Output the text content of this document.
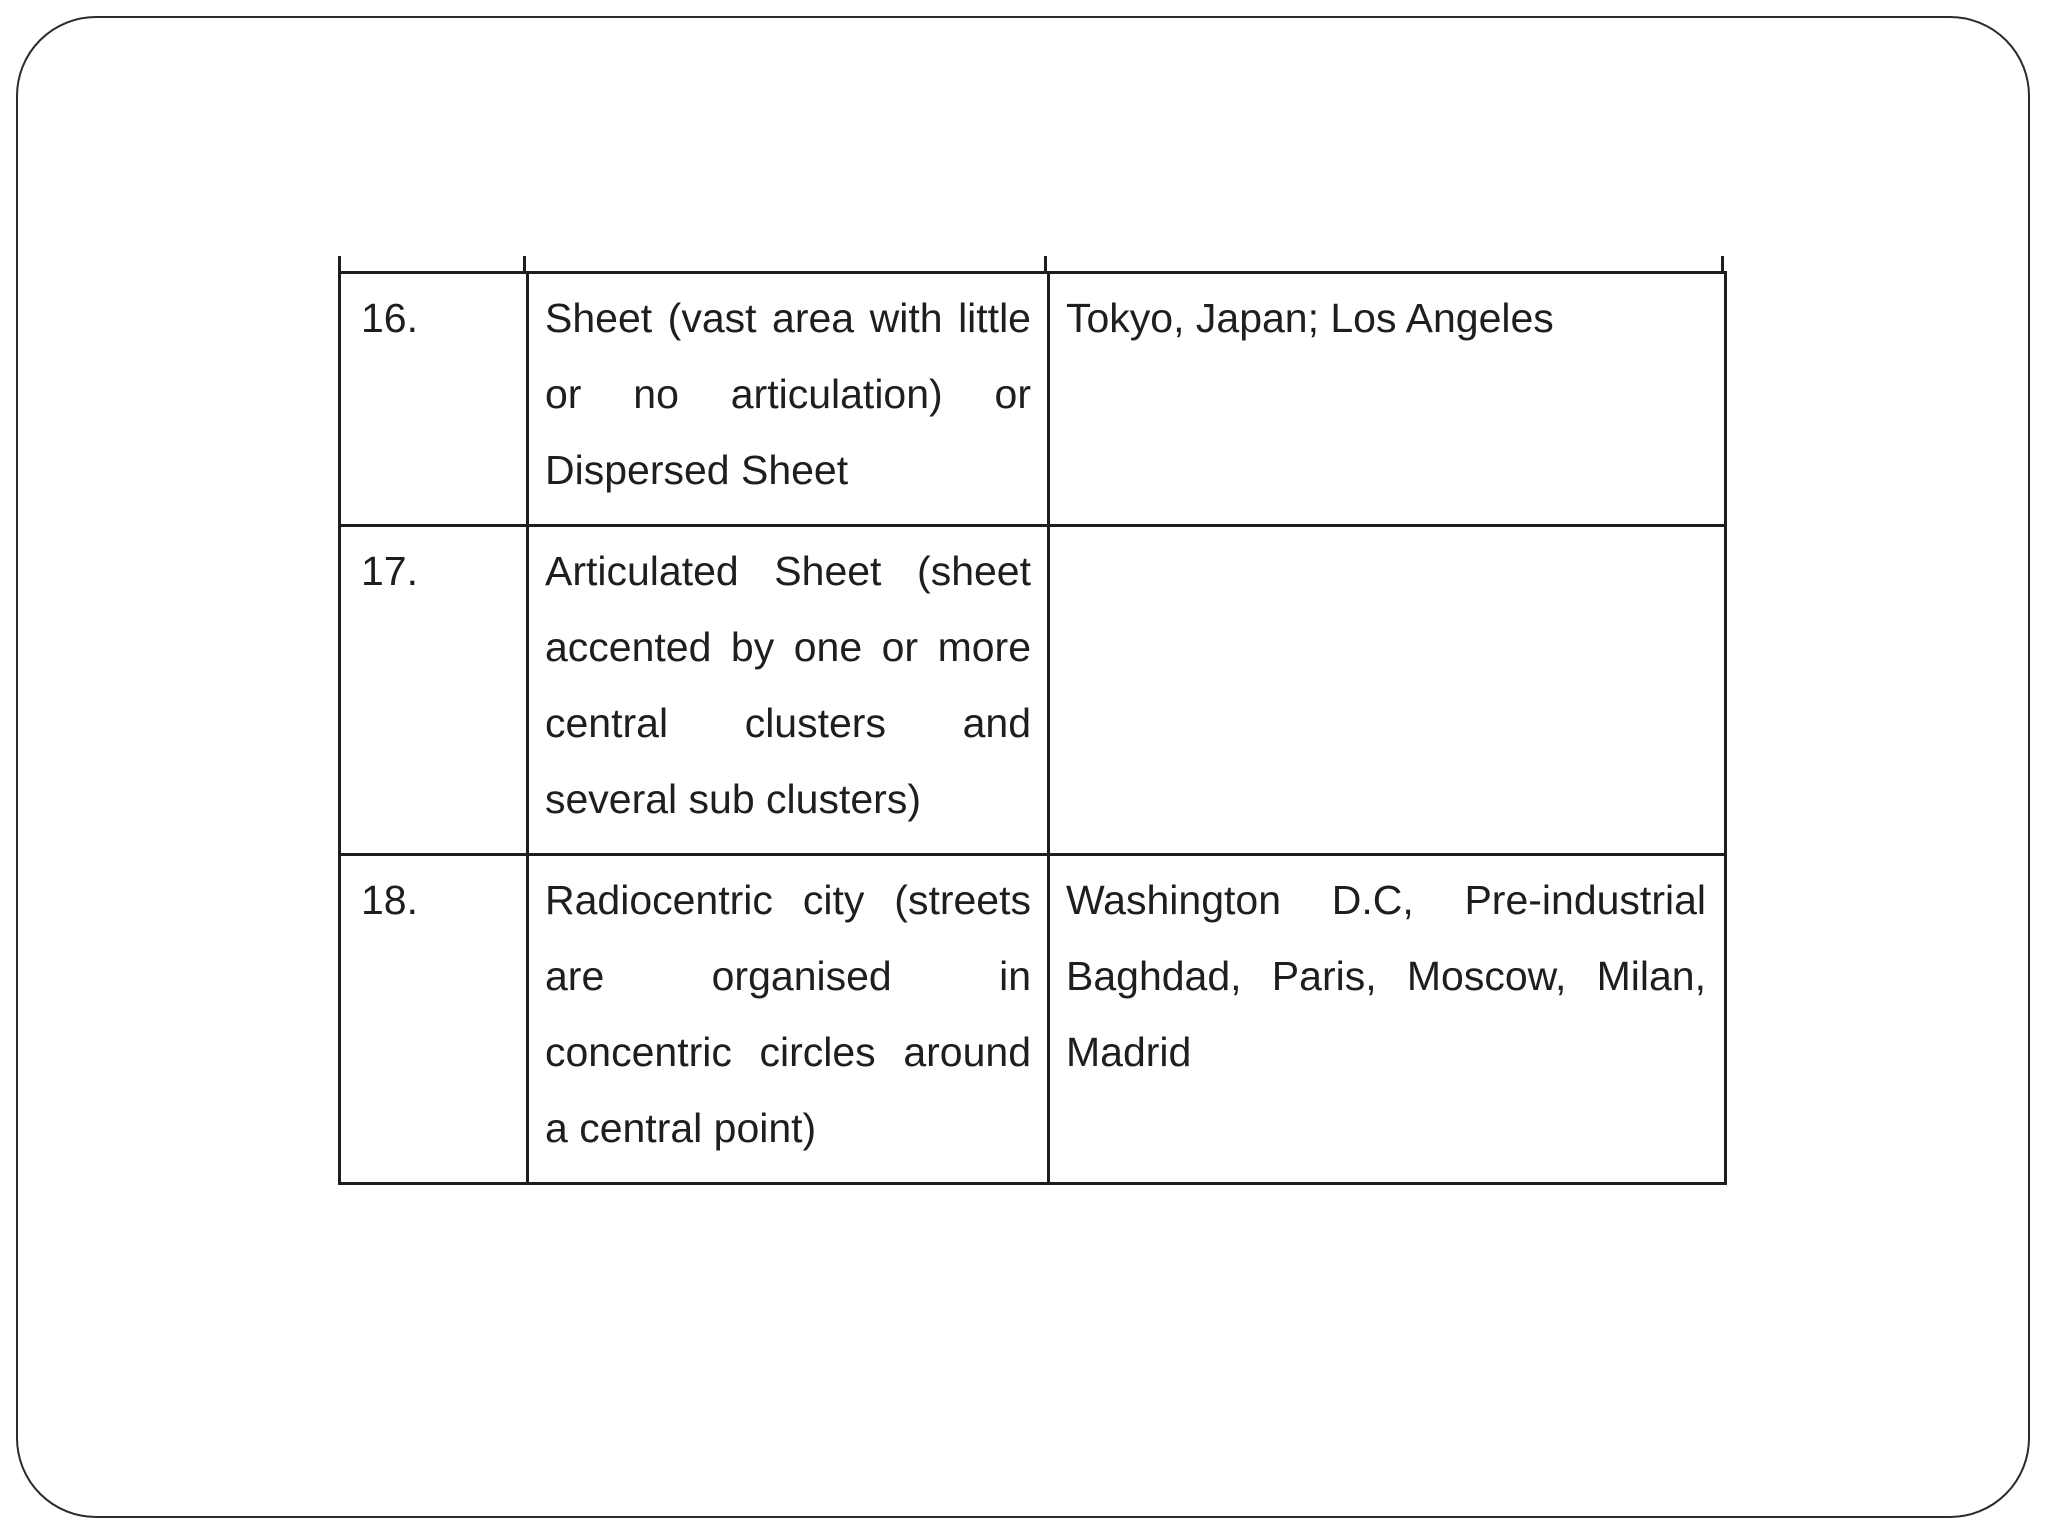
16.	Sheet (vast area with little or no articulation) or Dispersed Sheet	Tokyo, Japan; Los Angeles
17.	Articulated Sheet (sheet accented by one or more central clusters and several sub clusters)	
18.	Radiocentric city (streets are organised in concentric circles around a central point)	Washington D.C, Pre-industrial Baghdad, Paris, Moscow, Milan, Madrid
